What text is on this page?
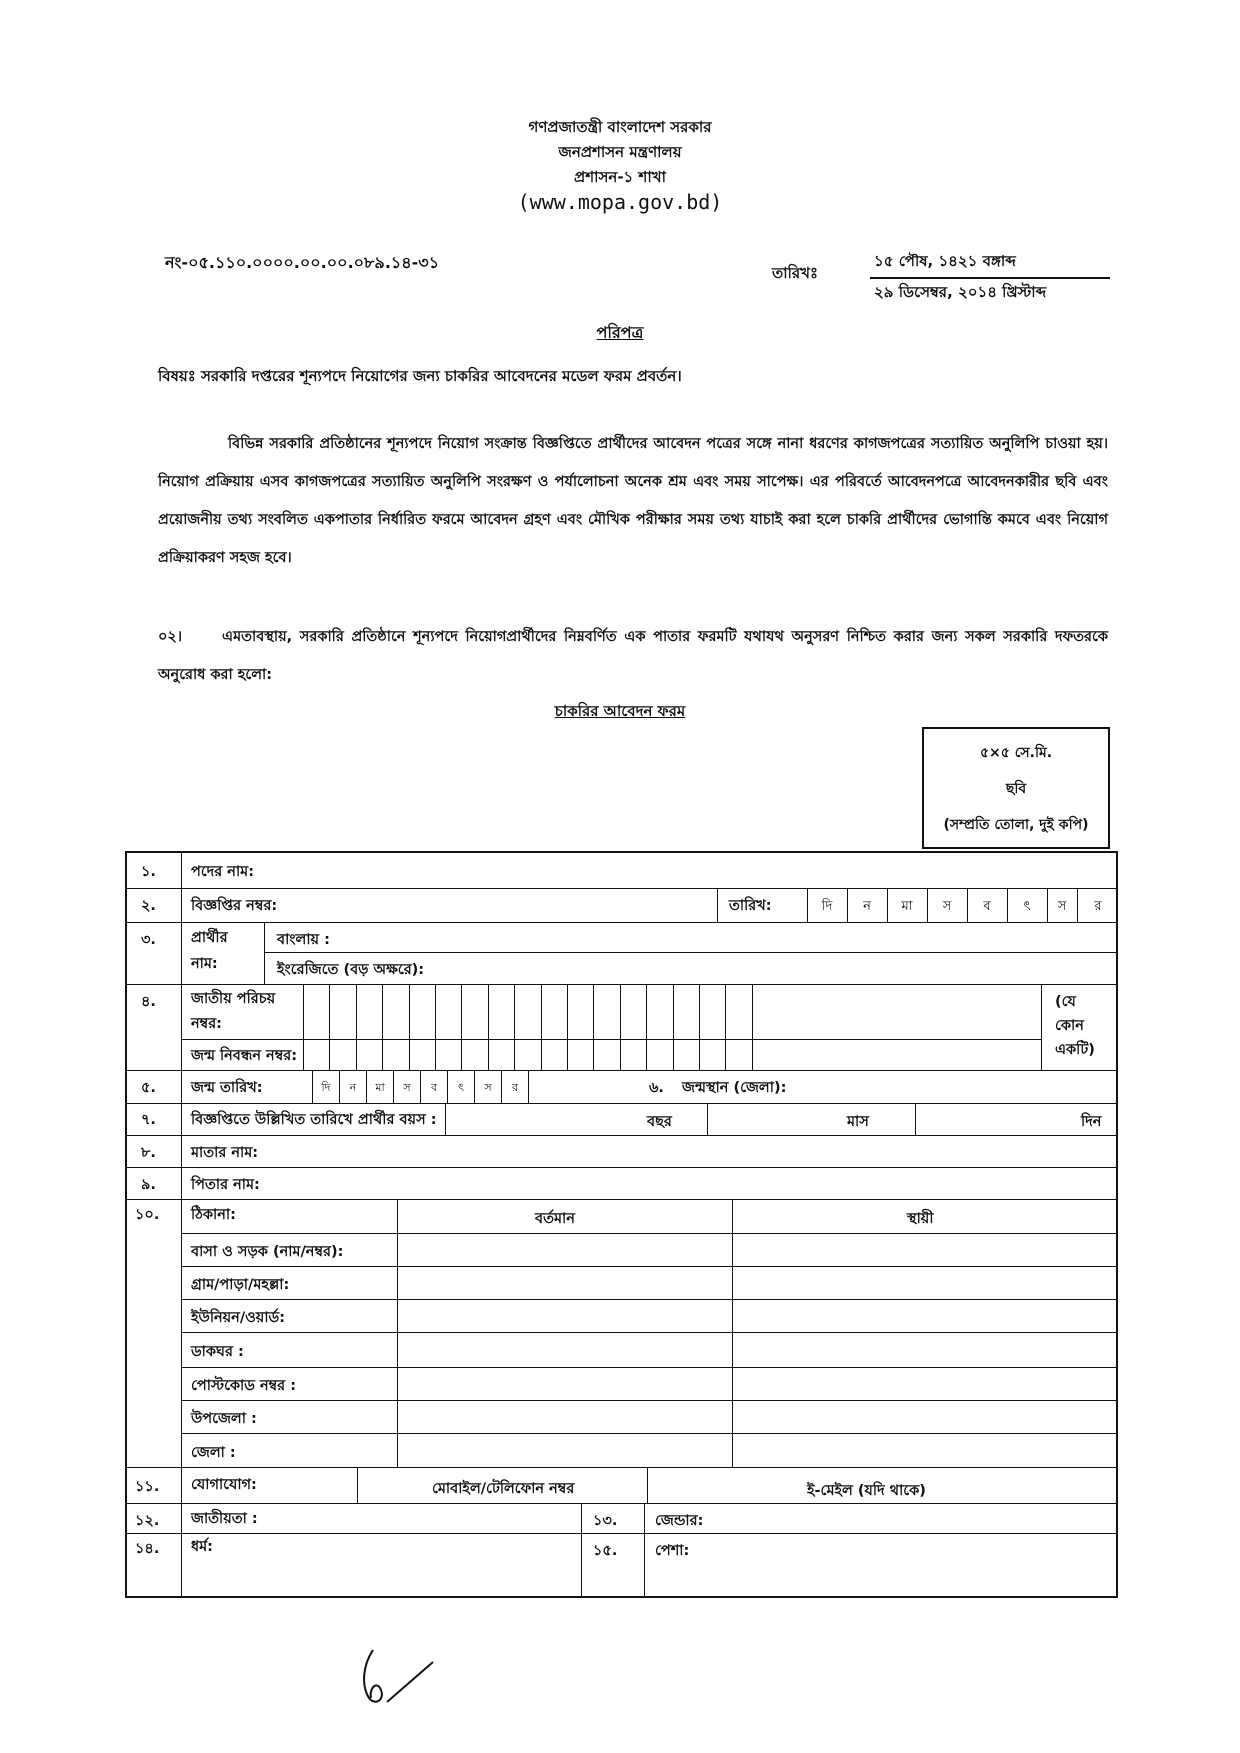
গণপ্রজাতন্ত্রী বাংলাদেশ সরকার
জনপ্রশাসন মন্ত্রণালয়
প্রশাসন-১ শাখা
(www.mopa.gov.bd)
নং-০৫.১১০.০০০০.০০.০০.০৮৯.১৪-৩১
তারিখঃ
১৫ পৌষ, ১৪২১ বঙ্গাব্দ
২৯ ডিসেম্বর, ২০১৪ খ্রিস্টাব্দ
পরিপত্র
বিষয়ঃ সরকারি দপ্তরের শূন্যপদে নিয়োগের জন্য চাকরির আবেদনের মডেল ফরম প্রবর্তন।
বিভিন্ন সরকারি প্রতিষ্ঠানের শূন্যপদে নিয়োগ সংক্রান্ত বিজ্ঞপ্তিতে প্রার্থীদের আবেদন পত্রের সঙ্গে নানা ধরণের কাগজপত্রের সত্যায়িত অনুলিপি চাওয়া হয়। নিয়োগ প্রক্রিয়ায় এসব কাগজপত্রের সত্যায়িত অনুলিপি সংরক্ষণ ও পর্যালোচনা অনেক শ্রম এবং সময় সাপেক্ষ। এর পরিবর্তে আবেদনপত্রে আবেদনকারীর ছবি এবং প্রয়োজনীয় তথ্য সংবলিত একপাতার নির্ধারিত ফরমে আবেদন গ্রহণ এবং মৌখিক পরীক্ষার সময় তথ্য যাচাই করা হলে চাকরি প্রার্থীদের ভোগান্তি কমবে এবং নিয়োগ প্রক্রিয়াকরণ সহজ হবে।
০২।	এমতাবস্থায়, সরকারি প্রতিষ্ঠানে শূন্যপদে নিয়োগপ্রার্থীদের নিম্নবর্ণিত এক পাতার ফরমটি যথাযথ অনুসরণ নিশ্চিত করার জন্য সকল সরকারি দফতরকে অনুরোধ করা হলো:
চাকরির আবেদন ফরম
৫×৫ সে.মি.
ছবি
(সম্প্রতি তোলা, দুই কপি)
১. পদের নাম:
২. বিজ্ঞপ্তির নম্বর:	তারিখ:	দি	ন	মা	স	ব	ৎ	স	র
৩. প্রার্থীর
নাম:
বাংলায় :
ইংরেজিতে (বড় অক্ষরে):
৪. জাতীয় পরিচয়
নম্বর:
জন্ম নিবন্ধন নম্বর:
(যে
কোন
একটি)
৫. জন্ম তারিখ:	দি	ন	মা	স	ব	ৎ	স	র	৬. জন্মস্থান (জেলা):
৭. বিজ্ঞপ্তিতে উল্লিখিত তারিখে প্রার্থীর বয়স :	বছর	মাস	দিন
৮. মাতার নাম:
৯. পিতার নাম:
১০. ঠিকানা:	বর্তমান	স্থায়ী
বাসা ও সড়ক (নাম/নম্বর):
গ্রাম/পাড়া/মহল্লা:
ইউনিয়ন/ওয়ার্ড:
ডাকঘর :
পোস্টকোড নম্বর :
উপজেলা :
জেলা :
১১. যোগাযোগ:	মোবাইল/টেলিফোন নম্বর	ই-মেইল (যদি থাকে)
১২. জাতীয়তা :	১৩.	জেন্ডার:
১৪. ধর্ম:	১৫.	পেশা:
